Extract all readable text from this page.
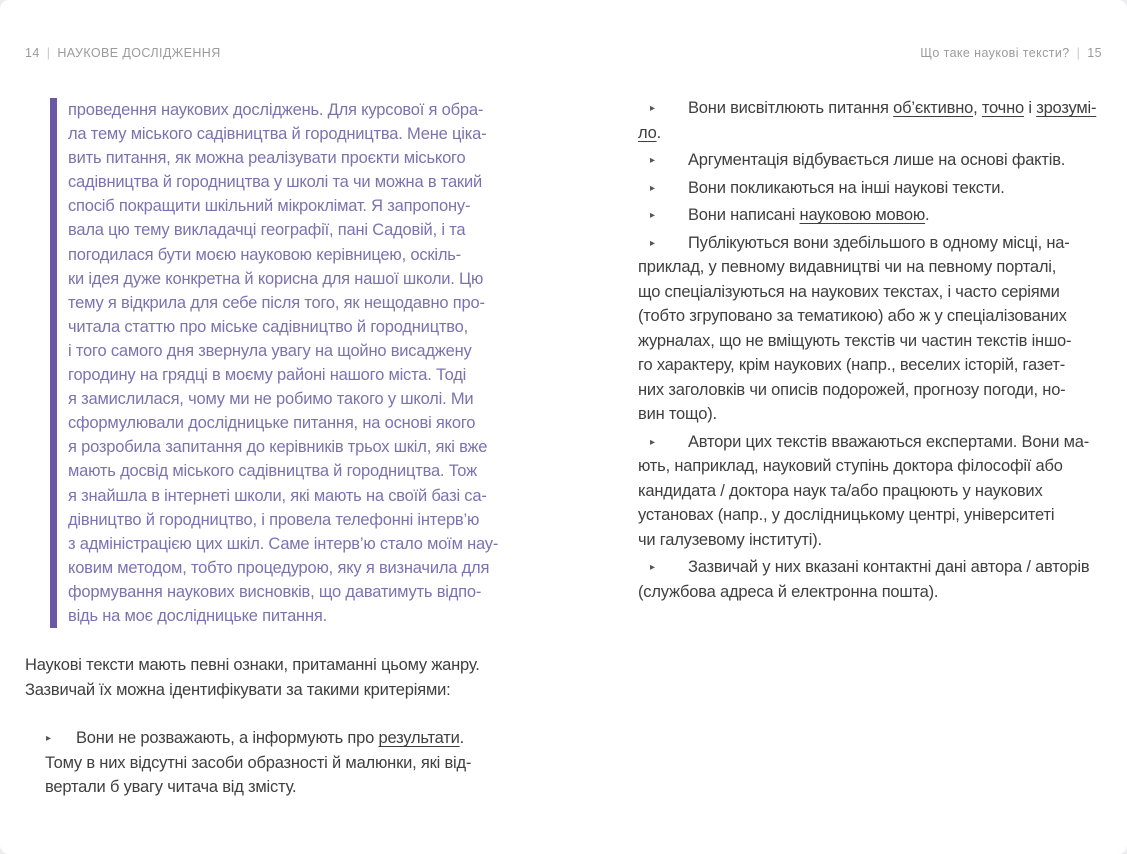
14 | НАУКОВЕ ДОСЛІДЖЕННЯ	Що таке наукові тексти? | 15
проведення наукових досліджень. Для курсової я обра-
ла тему міського садівництва й городництва. Мене ціка-
вить питання, як можна реалізувати проєкти міського
садівництва й городництва у школі та чи можна в такий
спосіб покращити шкільний мікроклімат. Я запропону-
вала цю тему викладачці географії, пані Садовій, і та
погодилася бути моєю науковою керівницею, оскіль-
ки ідея дуже конкретна й корисна для нашої школи. Цю
тему я відкрила для себе після того, як нещодавно про-
читала статтю про міське садівництво й городництво,
і того самого дня звернула увагу на щойно висаджену
городину на грядці в моєму районі нашого міста. Тоді
я замислилася, чому ми не робимо такого у школі. Ми
сформулювали дослідницьке питання, на основі якого
я розробила запитання до керівників трьох шкіл, які вже
мають досвід міського садівництва й городництва. Тож
я знайшла в інтернеті школи, які мають на своїй базі са-
дівництво й городництво, і провела телефонні інтерв’ю
з адміністрацією цих шкіл. Саме інтерв’ю стало моїм нау-
ковим методом, тобто процедурою, яку я визначила для
формування наукових висновків, що даватимуть відпо-
відь на моє дослідницьке питання.
Наукові тексти мають певні ознаки, притаманні цьому жанру.
Зазвичай їх можна ідентифікувати за такими критеріями:
▸	Вони не розважають, а інформують про результати.
Тому в них відсутні засоби образності й малюнки, які від-
вертали б увагу читача від змісту.
▸	Вони висвітлюють питання об’єктивно, точно і зрозумі-
ло.
▸	Аргументація відбувається лише на основі фактів.
▸	Вони покликаються на інші наукові тексти.
▸	Вони написані науковою мовою.
▸	Публікуються вони здебільшого в одному місці, на-
приклад, у певному видавництві чи на певному порталі,
що спеціалізуються на наукових текстах, і часто серіями
(тобто згруповано за тематикою) або ж у спеціалізованих
журналах, що не вміщують текстів чи частин текстів іншо-
го характеру, крім наукових (напр., веселих історій, газет-
них заголовків чи описів подорожей, прогнозу погоди, но-
вин тощо).
▸	Автори цих текстів вважаються експертами. Вони ма-
ють, наприклад, науковий ступінь доктора філософії або
кандидата / доктора наук та/або працюють у наукових
установах (напр., у дослідницькому центрі, університеті
чи галузевому інституті).
▸	Зазвичай у них вказані контактні дані автора / авторів
(службова адреса й електронна пошта).
